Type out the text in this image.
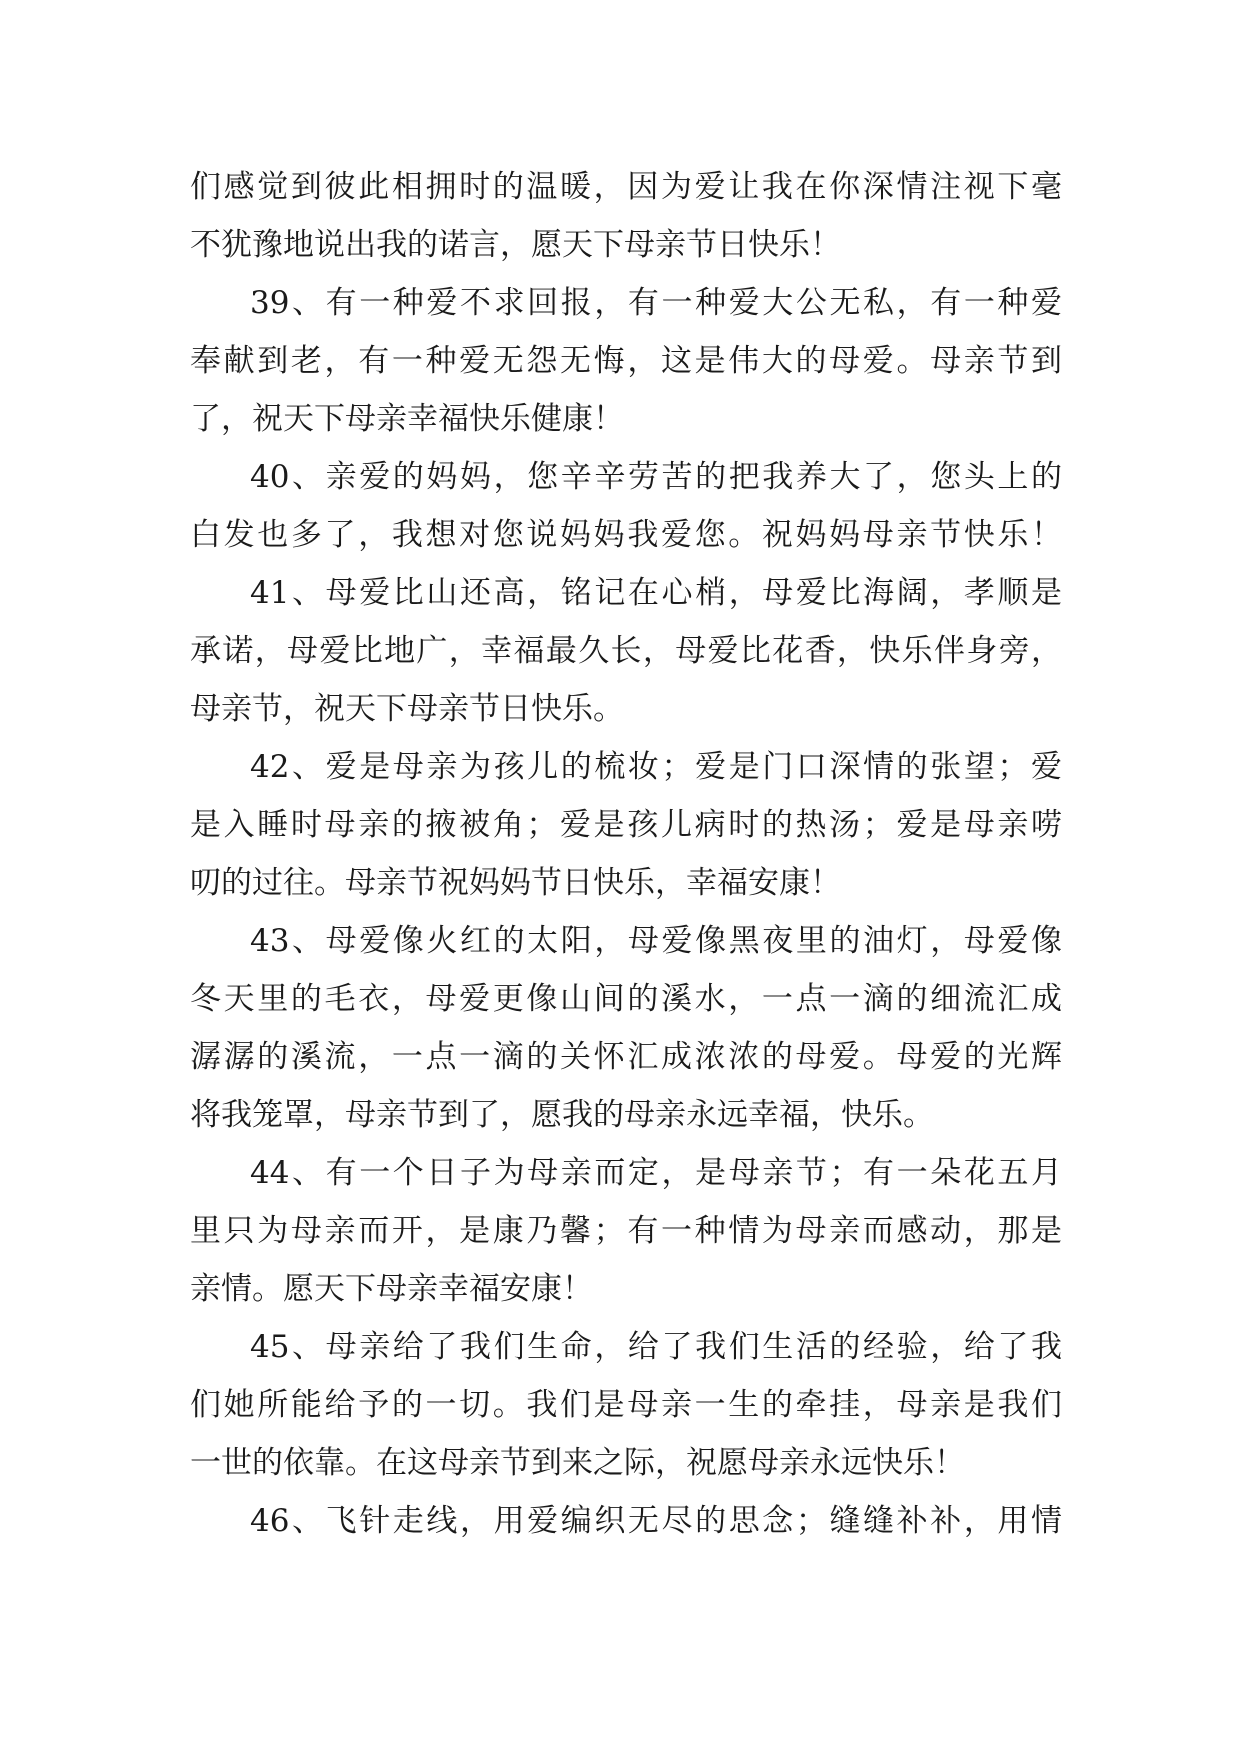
们感觉到彼此相拥时的温暖，因为爱让我在你深情注视下毫
不犹豫地说出我的诺言，愿天下母亲节日快乐！
39、有一种爱不求回报，有一种爱大公无私，有一种爱
奉献到老，有一种爱无怨无悔，这是伟大的母爱。母亲节到
了，祝天下母亲幸福快乐健康！
40、亲爱的妈妈，您辛辛劳苦的把我养大了，您头上的
白发也多了，我想对您说妈妈我爱您。祝妈妈母亲节快乐！
41、母爱比山还高，铭记在心梢，母爱比海阔，孝顺是
承诺，母爱比地广，幸福最久长，母爱比花香，快乐伴身旁，
母亲节，祝天下母亲节日快乐。
42、爱是母亲为孩儿的梳妆；爱是门口深情的张望；爱
是入睡时母亲的掖被角；爱是孩儿病时的热汤；爱是母亲唠
叨的过往。母亲节祝妈妈节日快乐，幸福安康！
43、母爱像火红的太阳，母爱像黑夜里的油灯，母爱像
冬天里的毛衣，母爱更像山间的溪水，一点一滴的细流汇成
潺潺的溪流，一点一滴的关怀汇成浓浓的母爱。母爱的光辉
将我笼罩，母亲节到了，愿我的母亲永远幸福，快乐。
44、有一个日子为母亲而定，是母亲节；有一朵花五月
里只为母亲而开，是康乃馨；有一种情为母亲而感动，那是
亲情。愿天下母亲幸福安康！
45、母亲给了我们生命，给了我们生活的经验，给了我
们她所能给予的一切。我们是母亲一生的牵挂，母亲是我们
一世的依靠。在这母亲节到来之际，祝愿母亲永远快乐！
46、飞针走线，用爱编织无尽的思念；缝缝补补，用情
